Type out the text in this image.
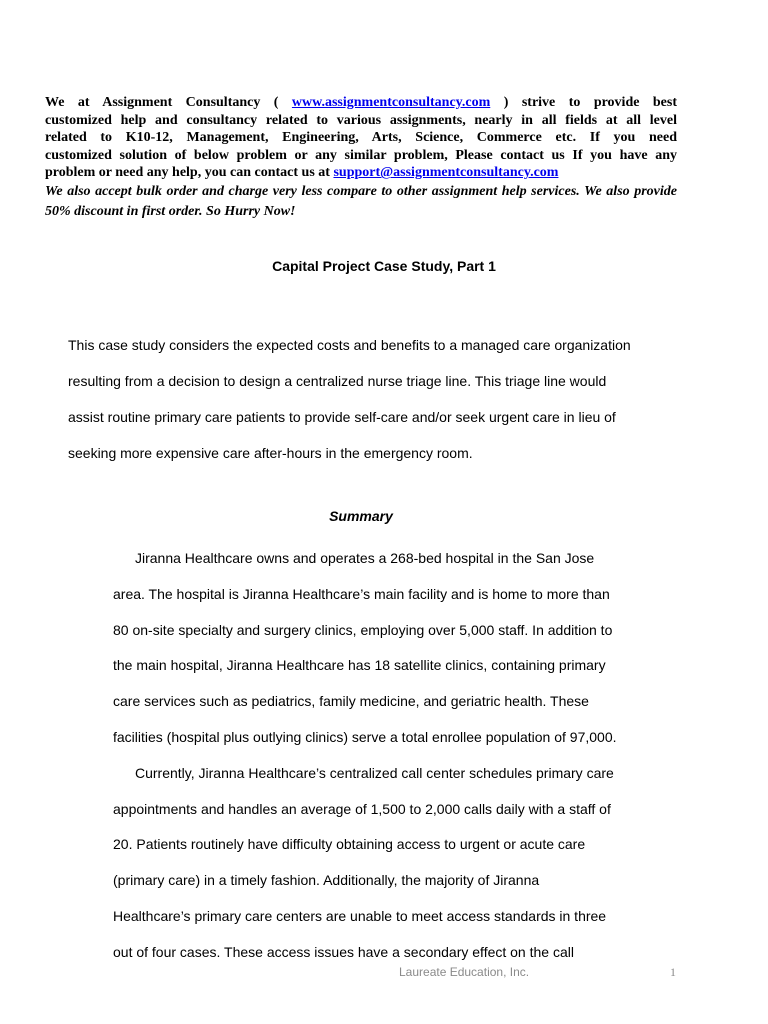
We at Assignment Consultancy ( www.assignmentconsultancy.com ) strive to provide best

customized help and consultancy related to various assignments, nearly in all fields at all level

related to K10-12, Management, Engineering, Arts, Science, Commerce etc. If you need

customized solution of below problem or any similar problem, Please contact us If you have any

problem or need any help, you can contact us at support@assignmentconsultancy.com

We also accept bulk order and charge very less compare to other assignment help services. We also provide 50% discount in first order. So Hurry Now!

Capital Project Case Study, Part 1

This case study considers the expected costs and benefits to a managed care organization

resulting from a decision to design a centralized nurse triage line. This triage line would

assist routine primary care patients to provide self-care and/or seek urgent care in lieu of

seeking more expensive care after-hours in the emergency room.

Summary

Jiranna Healthcare owns and operates a 268-bed hospital in the San Jose
area. The hospital is Jiranna Healthcare’s main facility and is home to more than
80 on-site specialty and surgery clinics, employing over 5,000 staff. In addition to
the main hospital, Jiranna Healthcare has 18 satellite clinics, containing primary
care services such as pediatrics, family medicine, and geriatric health. These
facilities (hospital plus outlying clinics) serve a total enrollee population of 97,000.

Currently, Jiranna Healthcare’s centralized call center schedules primary care
appointments and handles an average of 1,500 to 2,000 calls daily with a staff of
20. Patients routinely have difficulty obtaining access to urgent or acute care
(primary care) in a timely fashion. Additionally, the majority of Jiranna
Healthcare’s primary care centers are unable to meet access standards in three
out of four cases. These access issues have a secondary effect on the call

Laureate Education, Inc.	1
